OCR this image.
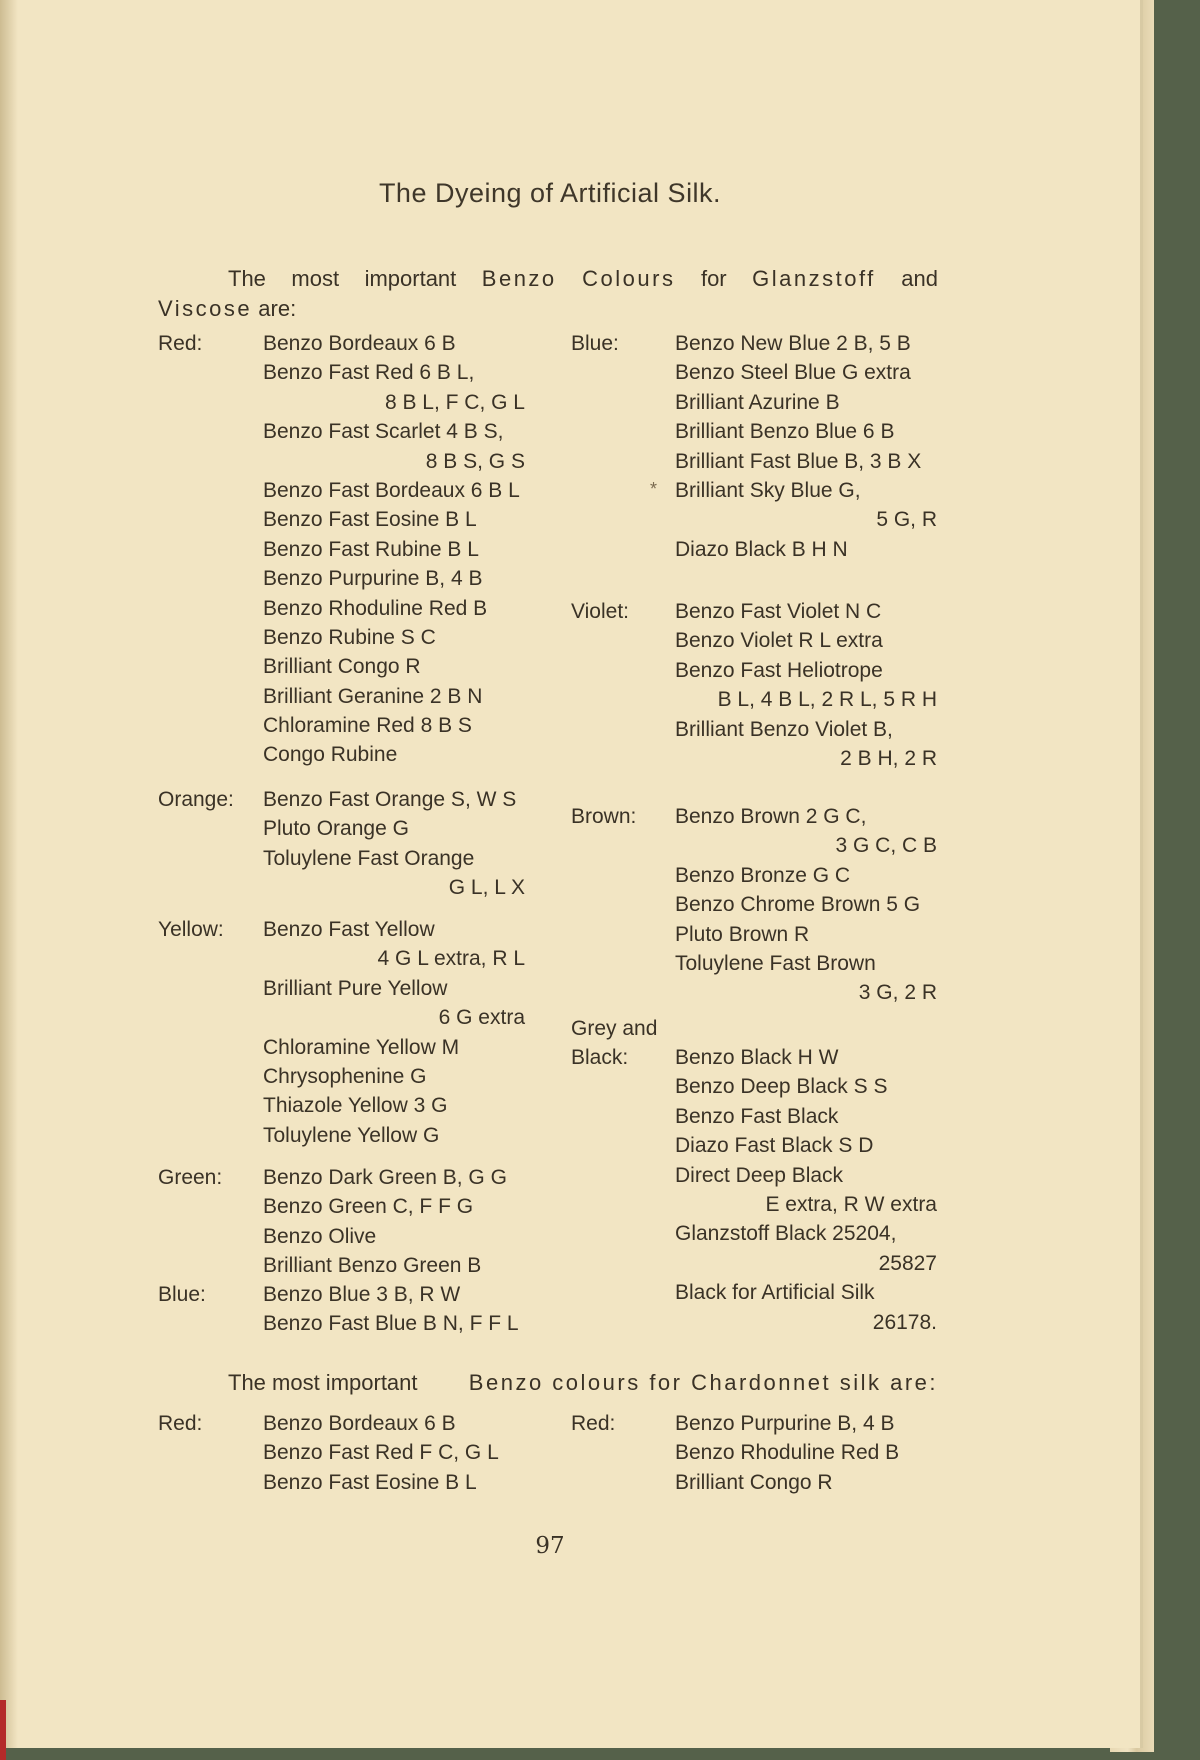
The Dyeing of Artificial Silk.
The most important Benzo Colours for Glanzstoff and
Viscose are:
Red:	Benzo Bordeaux 6 B
Benzo Fast Red 6 B L,
8 B L, F C, G L
Benzo Fast Scarlet 4 B S,
8 B S, G S
Benzo Fast Bordeaux 6 B L
Benzo Fast Eosine B L
Benzo Fast Rubine B L
Benzo Purpurine B, 4 B
Benzo Rhoduline Red B
Benzo Rubine S C
Brilliant Congo R
Brilliant Geranine 2 B N
Chloramine Red 8 B S
Congo Rubine
Orange: Benzo Fast Orange S, W S
Pluto Orange G
Toluylene Fast Orange
G L, L X
Yellow: Benzo Fast Yellow
4 G L extra, R L
Brilliant Pure Yellow
6 G extra
Chloramine Yellow M
Chrysophenine G
Thiazole Yellow 3 G
Toluylene Yellow G
Green: Benzo Dark Green B, G G
Benzo Green C, F F G
Benzo Olive
Brilliant Benzo Green B
Blue:	Benzo Blue 3 B, R W
Benzo Fast Blue B N, F F L
Blue:	Benzo New Blue 2 B, 5 B
Benzo Steel Blue G extra
Brilliant Azurine B
Brilliant Benzo Blue 6 B
Brilliant Fast Blue B, 3 B X
Brilliant Sky Blue G,
5 G, R
Diazo Black B H N
*
Violet: Benzo Fast Violet N C
Benzo Violet R L extra
Benzo Fast Heliotrope
B L, 4 B L, 2 R L, 5 R H
Brilliant Benzo Violet B,
2 B H, 2 R
Brown: Benzo Brown 2 G C,
3 G C, C B
Benzo Bronze G C
Benzo Chrome Brown 5 G
Pluto Brown R
Toluylene Fast Brown
3 G, 2 R
Grey and
Black: Benzo Black H W
Benzo Deep Black S S
Benzo Fast Black
Diazo Fast Black S D
Direct Deep Black
E extra, R W extra
Glanzstoff Black 25204,
25827
Black for Artificial Silk
26178.
The most important Benzo colours for Chardonnet silk are:
Red:	Benzo Bordeaux 6 B
Benzo Fast Red F C, G L
Benzo Fast Eosine B L
Red:	Benzo Purpurine B, 4 B
Benzo Rhoduline Red B
Brilliant Congo R
97
